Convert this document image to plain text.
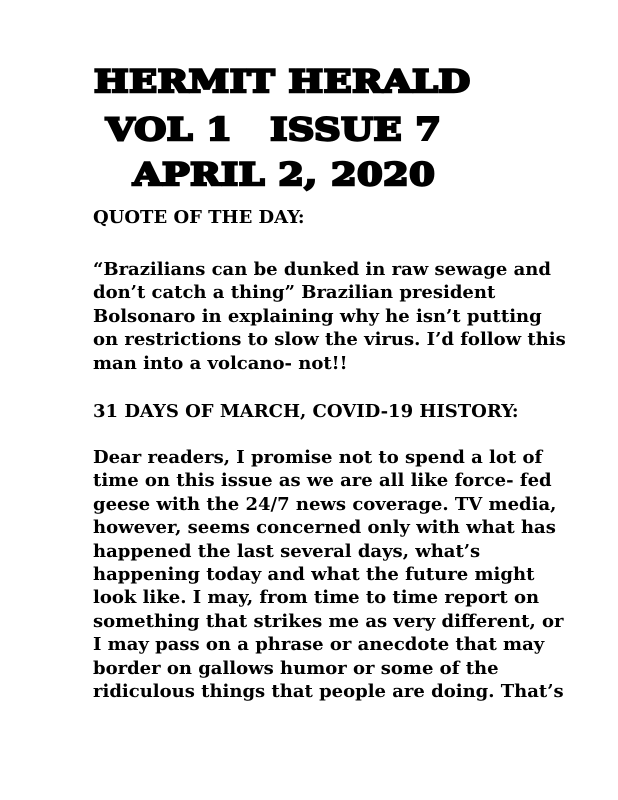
HERMIT HERALD
VOL 1 ISSUE 7
APRIL 2, 2020

QUOTE OF THE DAY:

“Brazilians can be dunked in raw sewage and
don’t catch a thing” Brazilian president
Bolsonaro in explaining why he isn’t putting
on restrictions to slow the virus. I’d follow this
man into a volcano- not!!

31 DAYS OF MARCH, COVID-19 HISTORY:

Dear readers, I promise not to spend a lot of
time on this issue as we are all like force- fed
geese with the 24/7 news coverage. TV media,
however, seems concerned only with what has
happened the last several days, what’s
happening today and what the future might
look like. I may, from time to time report on
something that strikes me as very different, or
I may pass on a phrase or anecdote that may
border on gallows humor or some of the
ridiculous things that people are doing. That’s
